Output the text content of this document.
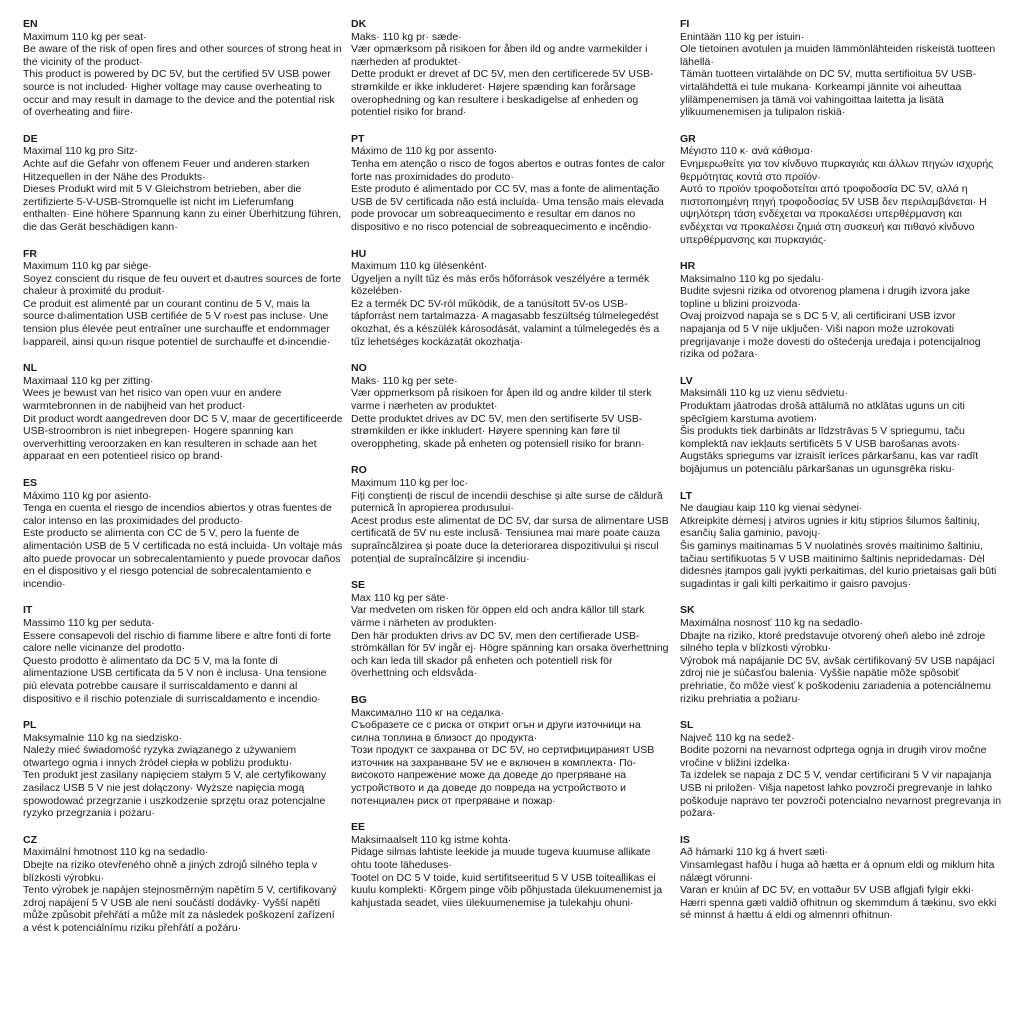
EN
Maximum 110 kg per seat·
Be aware of the risk of open fires and other sources of strong heat in the vicinity of the product·
This product is powered by DC 5V, but the certified 5V USB power source is not included· Higher voltage may cause overheating to occur and may result in damage to the device and the potential risk of overheating and fiire·
DE
Maximal 110 kg pro Sitz·
Achte auf die Gefahr von offenem Feuer und anderen starken Hitzequellen in der Nähe des Produkts·
Dieses Produkt wird mit 5 V Gleichstrom betrieben, aber die zertifizierte 5-V-USB-Stromquelle ist nicht im Lieferumfang enthalten· Eine höhere Spannung kann zu einer Überhitzung führen, die das Gerät beschädigen kann·
FR
Maximum 110 kg par siège·
Soyez conscient du risque de feu ouvert et d›autres sources de forte chaleur à proximité du produit·
Ce produit est alimenté par un courant continu de 5 V, mais la source d›alimentation USB certifiée de 5 V n›est pas incluse· Une tension plus élevée peut entraîner une surchauffe et endommager l›appareil, ainsi qu›un risque potentiel de surchauffe et d›incendie·
NL
Maximaal 110 kg per zitting·
Wees je bewust van het risico van open vuur en andere warmtebronnen in de nabijheid van het product·
Dit product wordt aangedreven door DC 5 V, maar de gecertificeerde USB-stroombron is niet inbegrepen· Hogere spanning kan oververhitting veroorzaken en kan resulteren in schade aan het apparaat en een potentieel risico op brand·
ES
Máximo 110 kg por asiento·
Tenga en cuenta el riesgo de incendios abiertos y otras fuentes de calor intenso en las proximidades del producto·
Este producto se alimenta con CC de 5 V, pero la fuente de alimentación USB de 5 V certificada no está incluida· Un voltaje más alto puede provocar un sobrecalentamiento y puede provocar daños en el dispositivo y el riesgo potencial de sobrecalentamiento e incendio·
IT
Massimo 110 kg per seduta·
Essere consapevoli del rischio di fiamme libere e altre fonti di forte calore nelle vicinanze del prodotto·
Questo prodotto è alimentato da DC 5 V, ma la fonte di alimentazione USB certificata da 5 V non è inclusa· Una tensione più elevata potrebbe causare il surriscaldamento e danni al dispositivo e il rischio potenziale di surriscaldamento e incendio·
PL
Maksymalnie 110 kg na siedzisko·
Należy mieć świadomość ryzyka związanego z używaniem otwartego ognia i innych źródeł ciepła w pobliżu produktu·
Ten produkt jest zasilany napięciem stałym 5 V, ale certyfikowany zasilacz USB 5 V nie jest dołączony· Wyższe napięcia mogą spowodować przegrzanie i uszkodzenie sprzętu oraz potencjalne ryzyko przegrzania i pożaru·
CZ
Maximální hmotnost 110 kg na sedadlo·
Dbejte na riziko otevřeného ohně a jiných zdrojů silného tepla v blízkosti výrobku·
Tento výrobek je napájen stejnosměrným napětím 5 V, certifikovaný zdroj napájení 5 V USB ale není součástí dodávky· Vyšší napětí může způsobit přehřátí a může mít za následek poškození zařízení a vést k potenciálnímu riziku přehřátí a požáru·
DK
Maks· 110 kg pr· sæde·
Vær opmærksom på risikoen for åben ild og andre varmekilder i nærheden af produktet·
Dette produkt er drevet af DC 5V, men den certificerede 5V USB-strømkilde er ikke inkluderet· Højere spænding kan forårsage overophedning og kan resultere i beskadigelse af enheden og potentiel risiko for brand·
PT
Máximo de 110 kg por assento·
Tenha em atenção o risco de fogos abertos e outras fontes de calor forte nas proximidades do produto·
Este produto é alimentado por CC 5V, mas a fonte de alimentação USB de 5V certificada não está incluída· Uma tensão mais elevada pode provocar um sobreaquecimento e resultar em danos no dispositivo e no risco potencial de sobreaquecimento e incêndio·
HU
Maximum 110 kg ülésenként·
Ügyeljen a nyílt tűz és más erős hőforrások veszélyére a termék közelében·
Ez a termék DC 5V-ról működik, de a tanúsított 5V-os USB-tápforrást nem tartalmazza· A magasabb feszültség túlmelegedést okozhat, és a készülék károsodását, valamint a túlmelegedés és a tűz lehetséges kockázatát okozhatja·
NO
Maks· 110 kg per sete·
Vær oppmerksom på risikoen for åpen ild og andre kilder til sterk varme i nærheten av produktet·
Dette produktet drives av DC 5V, men den sertifiserte 5V USB-strømkilden er ikke inkludert· Høyere spenning kan føre til overoppheting, skade på enheten og potensiell risiko for brann·
RO
Maximum 110 kg per loc·
Fiți conștienți de riscul de incendii deschise și alte surse de căldură puternică în apropierea produsului·
Acest produs este alimentat de DC 5V, dar sursa de alimentare USB certificată de 5V nu este inclusă· Tensiunea mai mare poate cauza supraîncălzirea și poate duce la deteriorarea dispozitivului și riscul potențial de supraîncălzire și incendiu·
SE
Max 110 kg per säte·
Var medveten om risken för öppen eld och andra källor till stark värme i närheten av produkten·
Den här produkten drivs av DC 5V, men den certifierade USB-strömkällan för 5V ingår ej· Högre spänning kan orsaka överhettning och kan leda till skador på enheten och potentiell risk för överhettning och eldsvåda·
BG
Максимално 110 кг на седалка·
Съобразете се с риска от открит огън и други източници на силна топлина в близост до продукта·
Този продукт се захранва от DC 5V, но сертифицираният USB източник на захранване 5V не е включен в комплекта· По-високото напрежение може да доведе до прегряване на устройството и да доведе до повреда на устройството и потенциален риск от прегряване и пожар·
EE
Maksimaalselt 110 kg istme kohta·
Pidage silmas lahtiste leekide ja muude tugeva kuumuse allikate ohtu toote läheduses·
Tootel on DC 5 V toide, kuid sertifitseeritud 5 V USB toiteallikas ei kuulu komplekti· Kõrgem pinge võib põhjustada ülekuumenemist ja kahjustada seadet, viies ülekuumenemise ja tulekahju ohuni·
FI
Enintään 110 kg per istuin·
Ole tietoinen avotulen ja muiden lämmönlähteiden riskeistä tuotteen lähellä·
Tämän tuotteen virtalähde on DC 5V, mutta sertifioitua 5V USB-virtalähdettä ei tule mukana· Korkeampi jännite voi aiheuttaa ylilämpenemisen ja tämä voi vahingoittaa laitetta ja lisätä ylikuumenemisen ja tulipalon riskiä·
GR
Μέγιστο 110 κ· ανά κάθισμα·
Ενημερωθείτε για τον κίνδυνο πυρκαγιάς και άλλων πηγών ισχυρής θερμότητας κοντά στο προϊόν·
Αυτό το προϊόν τροφοδοτείται από τροφοδοσία DC 5V, αλλά η πιστοποιημένη πηγή τροφοδοσίας 5V USB δεν περιλαμβάνεται· Η υψηλότερη τάση ενδέχεται να προκαλέσει υπερθέρμανση και ενδέχεται να προκαλέσει ζημιά στη συσκευή και πιθανό κίνδυνο υπερθέρμανσης και πυρκαγιάς·
HR
Maksimalno 110 kg po sjedalu·
Budite svjesni rizika od otvorenog plamena i drugih izvora jake topline u blizini proizvoda·
Ovaj proizvod napaja se s DC 5 V, ali certificirani USB izvor napajanja od 5 V nije uključen· Viši napon može uzrokovati pregrijavanje i može dovesti do oštećenja uređaja i potencijalnog rizika od požara·
LV
Maksimāli 110 kg uz vienu sēdvietu·
Produktam jāatrodas drošā attālumā no atklātas uguns un citi spēcīgiem karstuma avotiem·
Šis produkts tiek darbināts ar līdzstrāvas 5 V spriegumu, taču komplektā nav iekļauts sertificēts 5 V USB barošanas avots· Augstāks spriegums var izraisīt ierīces pārkaršanu, kas var radīt bojājumus un potenciālu pārkaršanas un ugunsgrēka risku·
LT
Ne daugiau kaip 110 kg vienai sėdynei·
Atkreipkite dėmesį į atviros ugnies ir kitų stiprios šilumos šaltinių, esančių šalia gaminio, pavojų·
Šis gaminys maitinamas 5 V nuolatinės srovės maitinimo šaltiniu, tačiau sertifikuotas 5 V USB maitinimo šaltinis nepridedamas· Dėl didesnės įtampos gali įvykti perkaitimas, dėl kurio prietaisas gali būti sugadintas ir gali kilti perkaitimo ir gaisro pavojus·
SK
Maximálna nosnosť 110 kg na sedadlo·
Dbajte na riziko, ktoré predstavuje otvorený oheň alebo iné zdroje silného tepla v blízkosti výrobku·
Výrobok má napájanie DC 5V, avšak certifikovaný 5V USB napájací zdroj nie je súčasťou balenia· Vyššie napätie môže spôsobiť prehriatie, čo môže viesť k poškodeniu zariadenia a potenciálnemu riziku prehriatia a požiaru·
SL
Največ 110 kg na sedež·
Bodite pozorni na nevarnost odprtega ognja in drugih virov močne vročine v bližini izdelka·
Ta izdelek se napaja z DC 5 V, vendar certificirani 5 V vir napajanja USB ni priložen· Višja napetost lahko povzroči pregrevanje in lahko poškoduje napravo ter povzroči potencialno nevarnost pregrevanja in požara·
IS
Að hámarki 110 kg á hvert sæti·
Vinsamlegast hafðu í huga að hætta er á opnum eldi og miklum hita nálægt vörunni·
Varan er knúin af DC 5V, en vottaður 5V USB aflgjafi fylgir ekki· Hærri spenna gæti valdið ofhitnun og skemmdum á tækinu, svo ekki sé minnst á hættu á eldi og almennri ofhitnun·
